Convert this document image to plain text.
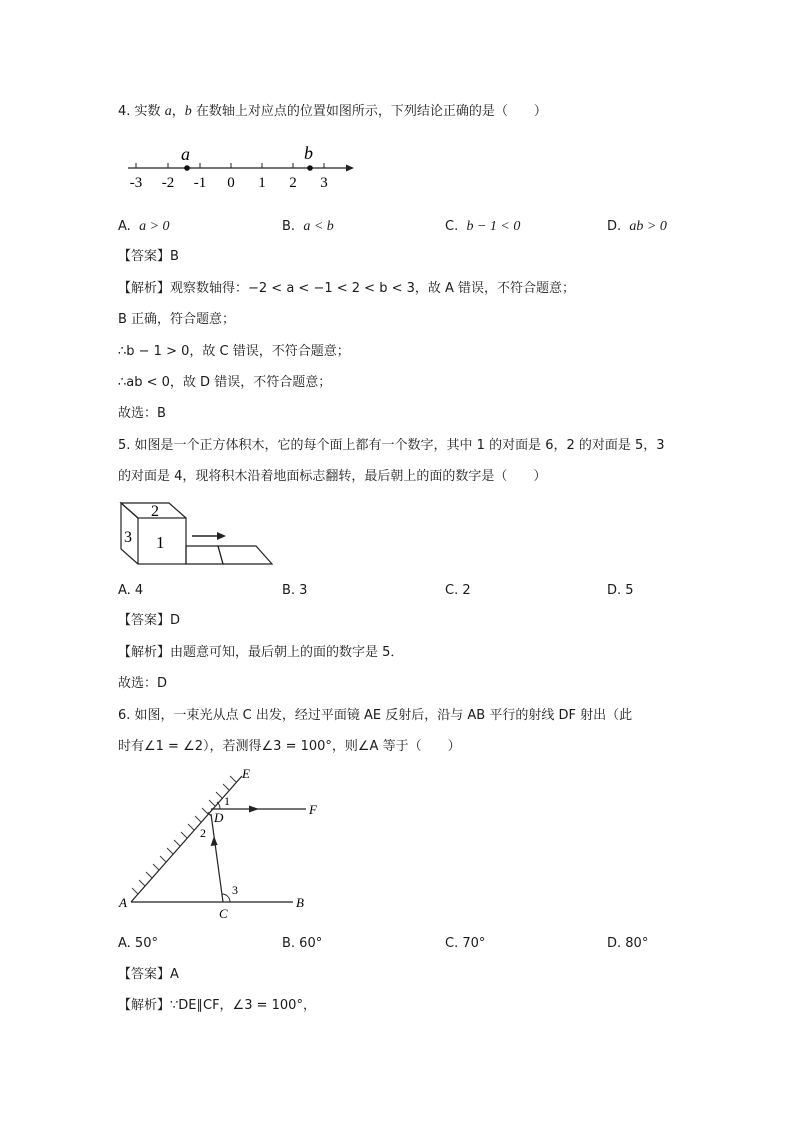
4. 实数 a，b 在数轴上对应点的位置如图所示，下列结论正确的是（　　）
a	b
-3 -2 -1 0 1 2 3
A. a > 0	B. a < b	C. b − 1 < 0	D. ab > 0
【答案】B
【解析】观察数轴得：−2 < a < −1 < 2 < b < 3，故 A 错误，不符合题意；
B 正确，符合题意；
∴b − 1 > 0，故 C 错误，不符合题意；
∴ab < 0，故 D 错误，不符合题意；
故选：B
5. 如图是一个正方体积木，它的每个面上都有一个数字，其中 1 的对面是 6，2 的对面是 5，3
的对面是 4，现将积木沿着地面标志翻转，最后朝上的面的数字是（　　）
2
1
3
A. 4	B. 3	C. 2	D. 5
【答案】D
【解析】由题意可知，最后朝上的面的数字是 5．
故选：D
6. 如图，一束光从点 C 出发，经过平面镜 AE 反射后，沿与 AB 平行的射线 DF 射出（此
时有∠1 = ∠2），若测得∠3 = 100°，则∠A 等于（　　）
E
F
D
A	B
C
1
2
3
A. 50°	B. 60°	C. 70°	D. 80°
【答案】A
【解析】∵DE∥CF，∠3 = 100°，
